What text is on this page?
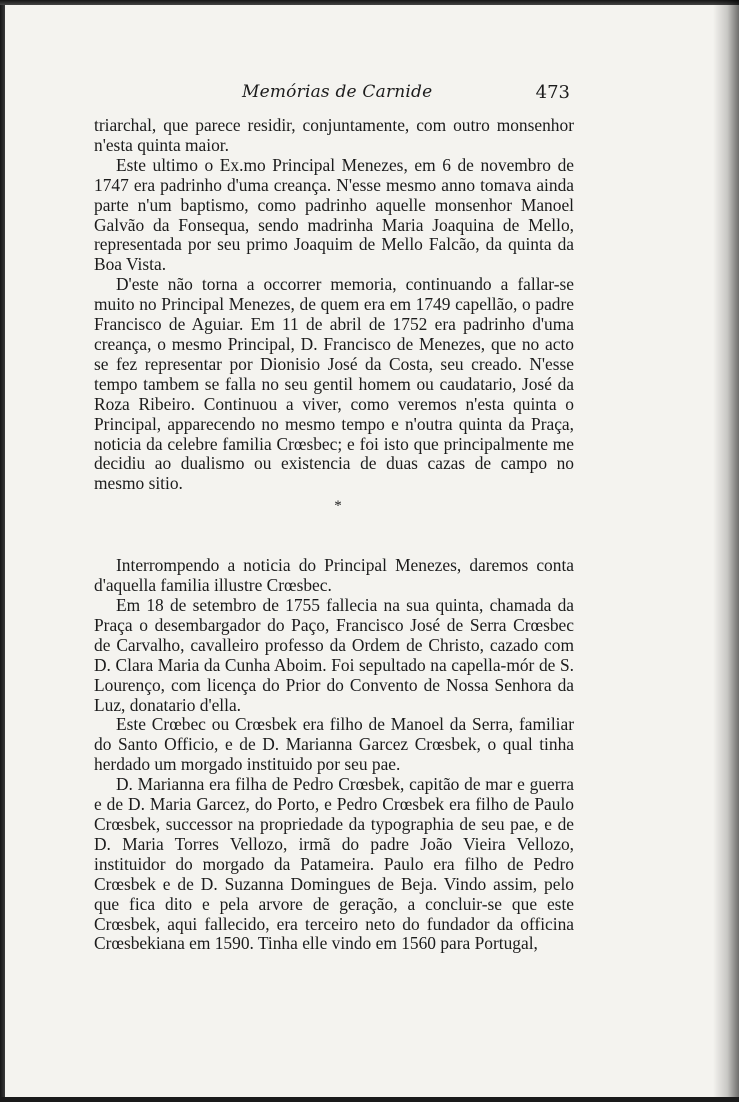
Memórias de Carnide	473

triarchal, que parece residir, conjuntamente, com outro monsenhor n'esta quinta maior.

Este ultimo o Ex.mo Principal Menezes, em 6 de novembro de 1747 era padrinho d'uma creança. N'esse mesmo anno tomava ainda parte n'um baptismo, como padrinho aquelle monsenhor Manoel Galvão da Fonsequa, sendo madrinha Maria Joaquina de Mello, representada por seu primo Joaquim de Mello Falcão, da quinta da Boa Vista.

D'este não torna a occorrer memoria, continuando a fallar-se muito no Principal Menezes, de quem era em 1749 capellão, o padre Francisco de Aguiar. Em 11 de abril de 1752 era padrinho d'uma creança, o mesmo Principal, D. Francisco de Menezes, que no acto se fez representar por Dionisio José da Costa, seu creado. N'esse tempo tambem se falla no seu gentil homem ou caudatario, José da Roza Ribeiro. Continuou a viver, como veremos n'esta quinta o Principal, apparecendo no mesmo tempo e n'outra quinta da Praça, noticia da celebre familia Crœsbec; e foi isto que principalmente me decidiu ao dualismo ou existencia de duas cazas de campo no mesmo sitio.

*

Interrompendo a noticia do Principal Menezes, daremos conta d'aquella familia illustre Crœsbec.

Em 18 de setembro de 1755 fallecia na sua quinta, chamada da Praça o desembargador do Paço, Francisco José de Serra Crœsbec de Carvalho, cavalleiro professo da Ordem de Christo, cazado com D. Clara Maria da Cunha Aboim. Foi sepultado na capella-mór de S. Lourenço, com licença do Prior do Convento de Nossa Senhora da Luz, donatario d'ella.

Este Crœbec ou Crœsbek era filho de Manoel da Serra, familiar do Santo Officio, e de D. Marianna Garcez Crœsbek, o qual tinha herdado um morgado instituido por seu pae.

D. Marianna era filha de Pedro Crœsbek, capitão de mar e guerra e de D. Maria Garcez, do Porto, e Pedro Crœsbek era filho de Paulo Crœsbek, successor na propriedade da typographia de seu pae, e de D. Maria Torres Vellozo, irmã do padre João Vieira Vellozo, instituidor do morgado da Patameira. Paulo era filho de Pedro Crœsbek e de D. Suzanna Domingues de Beja. Vindo assim, pelo que fica dito e pela arvore de geração, a concluir-se que este Crœsbek, aqui fallecido, era terceiro neto do fundador da officina Crœsbekiana em 1590. Tinha elle vindo em 1560 para Portugal,
